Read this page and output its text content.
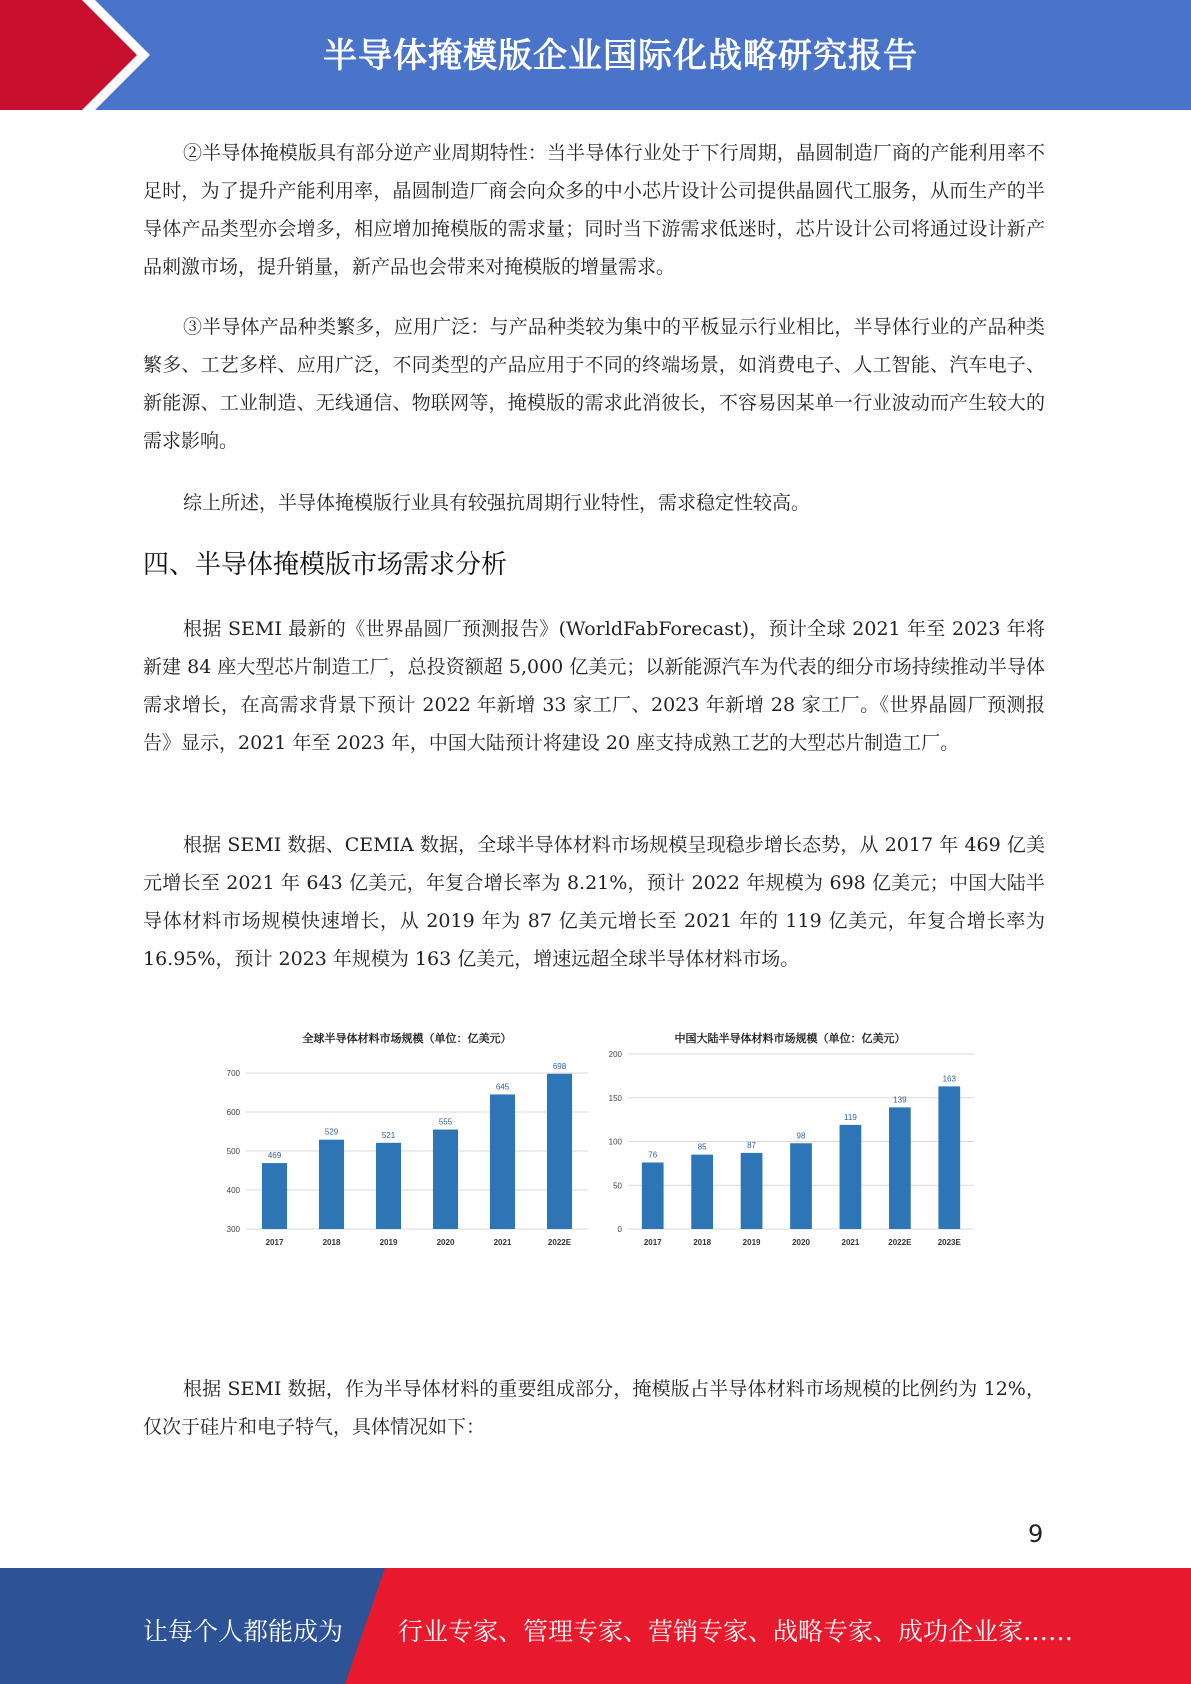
半导体掩模版企业国际化战略研究报告
②半导体掩模版具有部分逆产业周期特性：当半导体行业处于下行周期，晶圆制造厂商的产能利用率不足时，为了提升产能利用率，晶圆制造厂商会向众多的中小芯片设计公司提供晶圆代工服务，从而生产的半导体产品类型亦会增多，相应增加掩模版的需求量；同时当下游需求低迷时，芯片设计公司将通过设计新产品刺激市场，提升销量，新产品也会带来对掩模版的增量需求。
③半导体产品种类繁多，应用广泛：与产品种类较为集中的平板显示行业相比，半导体行业的产品种类繁多、工艺多样、应用广泛，不同类型的产品应用于不同的终端场景，如消费电子、人工智能、汽车电子、新能源、工业制造、无线通信、物联网等，掩模版的需求此消彼长，不容易因某单一行业波动而产生较大的需求影响。
综上所述，半导体掩模版行业具有较强抗周期行业特性，需求稳定性较高。
四、半导体掩模版市场需求分析
根据 SEMI 最新的《世界晶圆厂预测报告》(WorldFabForecast)，预计全球 2021 年至 2023 年将新建 84 座大型芯片制造工厂，总投资额超 5,000 亿美元；以新能源汽车为代表的细分市场持续推动半导体需求增长，在高需求背景下预计 2022 年新增 33 家工厂、2023 年新增 28 家工厂。《世界晶圆厂预测报告》显示，2021 年至 2023 年，中国大陆预计将建设 20 座支持成熟工艺的大型芯片制造工厂。
根据 SEMI 数据、CEMIA 数据，全球半导体材料市场规模呈现稳步增长态势，从 2017 年 469 亿美元增长至 2021 年 643 亿美元，年复合增长率为 8.21%，预计 2022 年规模为 698 亿美元；中国大陆半导体材料市场规模快速增长，从 2019 年为 87 亿美元增长至 2021 年的 119 亿美元，年复合增长率为 16.95%，预计 2023 年规模为 163 亿美元，增速远超全球半导体材料市场。
全球半导体材料市场规模（单位：亿美元）
300
400
500
600
700
469
2017
529
2018
521
2019
555
2020
645
2021
698
2022E
中国大陆半导体材料市场规模（单位：亿美元）
0
50
100
150
200
76
2017
85
2018
87
2019
98
2020
119
2021
139
2022E
163
2023E
根据 SEMI 数据，作为半导体材料的重要组成部分，掩模版占半导体材料市场规模的比例约为 12%，仅次于硅片和电子特气，具体情况如下：
9
让每个人都能成为 行业专家、管理专家、营销专家、战略专家、成功企业家……
